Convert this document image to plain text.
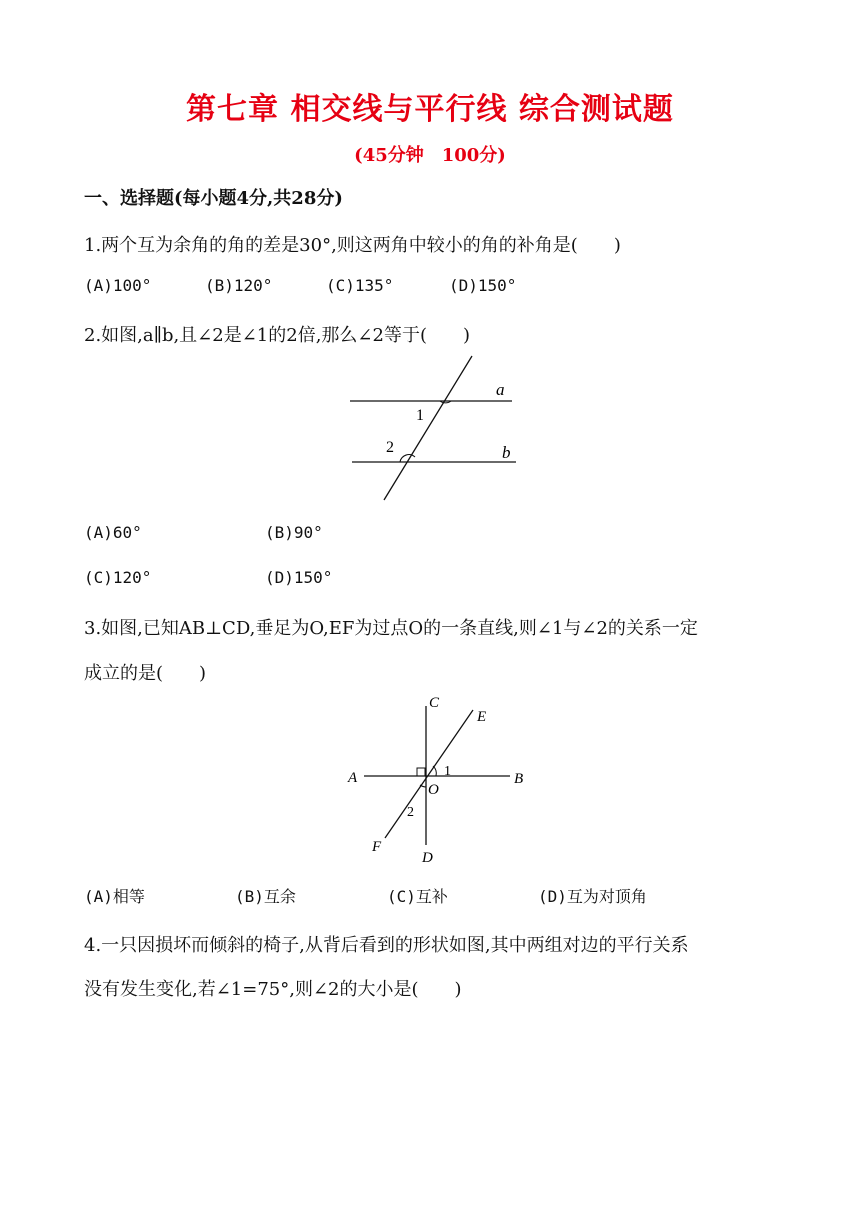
第七章 相交线与平行线 综合测试题
(45分钟　100分)
一、选择题(每小题4分,共28分)
1.两个互为余角的角的差是30°,则这两角中较小的角的补角是(　　)
(A)100°	(B)120°	(C)135°	(D)150°
2.如图,a∥b,且∠2是∠1的2倍,那么∠2等于(　　)
a
b
1
2
(A)60°	(B)90°
(C)120°	(D)150°
3.如图,已知AB⊥CD,垂足为O,EF为过点O的一条直线,则∠1与∠2的关系一定
成立的是(　　)
A	B
C
D
E
F
O
1
2
(A)相等	(B)互余	(C)互补	(D)互为对顶角
4.一只因损坏而倾斜的椅子,从背后看到的形状如图,其中两组对边的平行关系
没有发生变化,若∠1=75°,则∠2的大小是(　　)
